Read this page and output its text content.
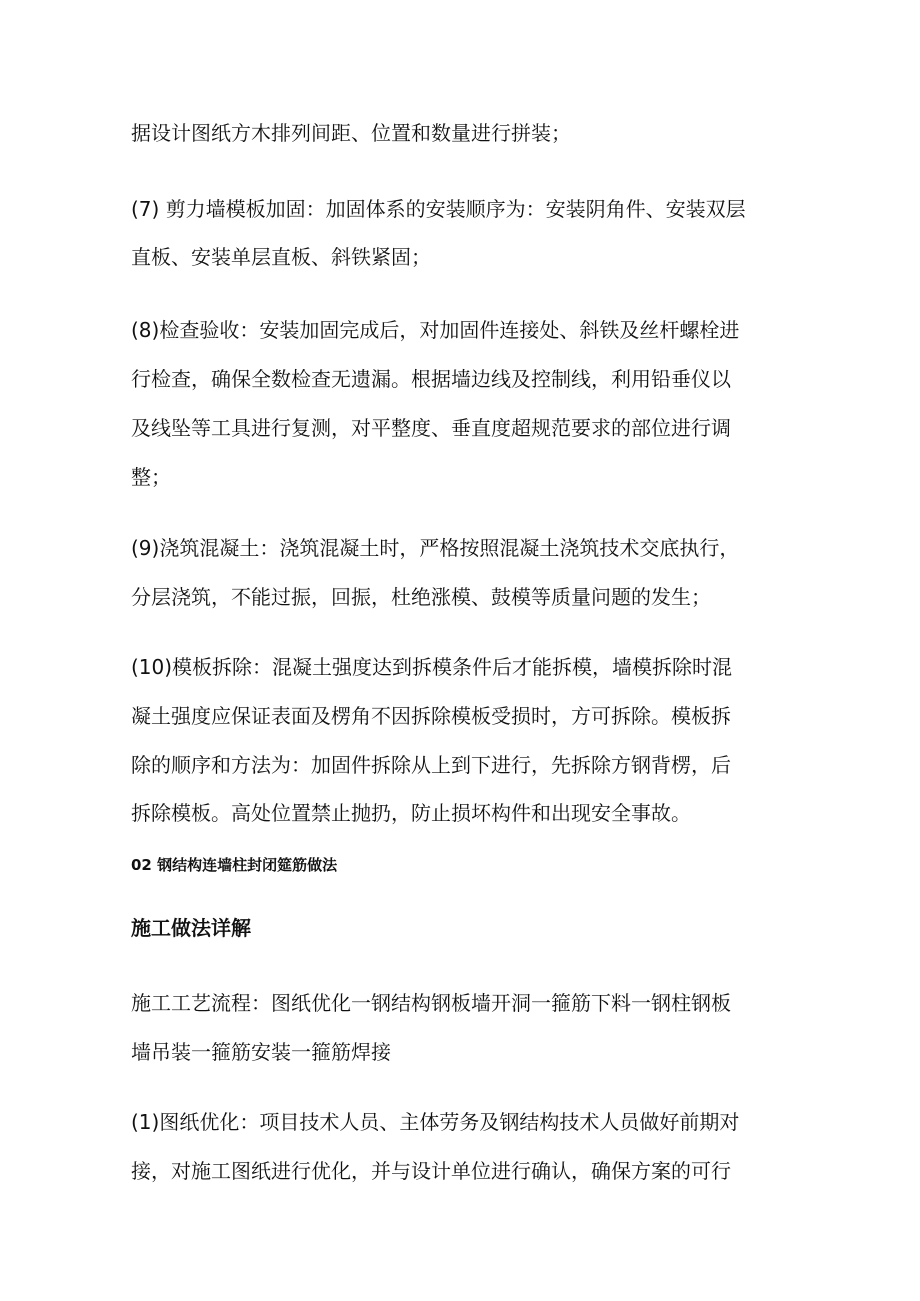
据设计图纸方木排列间距、位置和数量进行拼装；
(7) 剪力墙模板加固：加固体系的安装顺序为：安装阴角件、安装双层
直板、安装单层直板、斜铁紧固；
(8)检查验收：安装加固完成后，对加固件连接处、斜铁及丝杆螺栓进
行检查，确保全数检查无遗漏。根据墙边线及控制线，利用铅垂仪以
及线坠等工具进行复测，对平整度、垂直度超规范要求的部位进行调
整；
(9)浇筑混凝土：浇筑混凝土时，严格按照混凝土浇筑技术交底执行，
分层浇筑，不能过振，回振，杜绝涨模、鼓模等质量问题的发生；
(10)模板拆除：混凝土强度达到拆模条件后才能拆模，墙模拆除时混
凝土强度应保证表面及楞角不因拆除模板受损时，方可拆除。模板拆
除的顺序和方法为：加固件拆除从上到下进行，先拆除方钢背楞，后
拆除模板。高处位置禁止抛扔，防止损坏构件和出现安全事故。
02 钢结构连墙柱封闭筵筋做法
施工做法详解
施工工艺流程：图纸优化一钢结构钢板墙开洞一箍筋下料一钢柱钢板
墙吊装一箍筋安装一箍筋焊接
(1)图纸优化：项目技术人员、主体劳务及钢结构技术人员做好前期对
接，对施工图纸进行优化，并与设计单位进行确认，确保方案的可行
